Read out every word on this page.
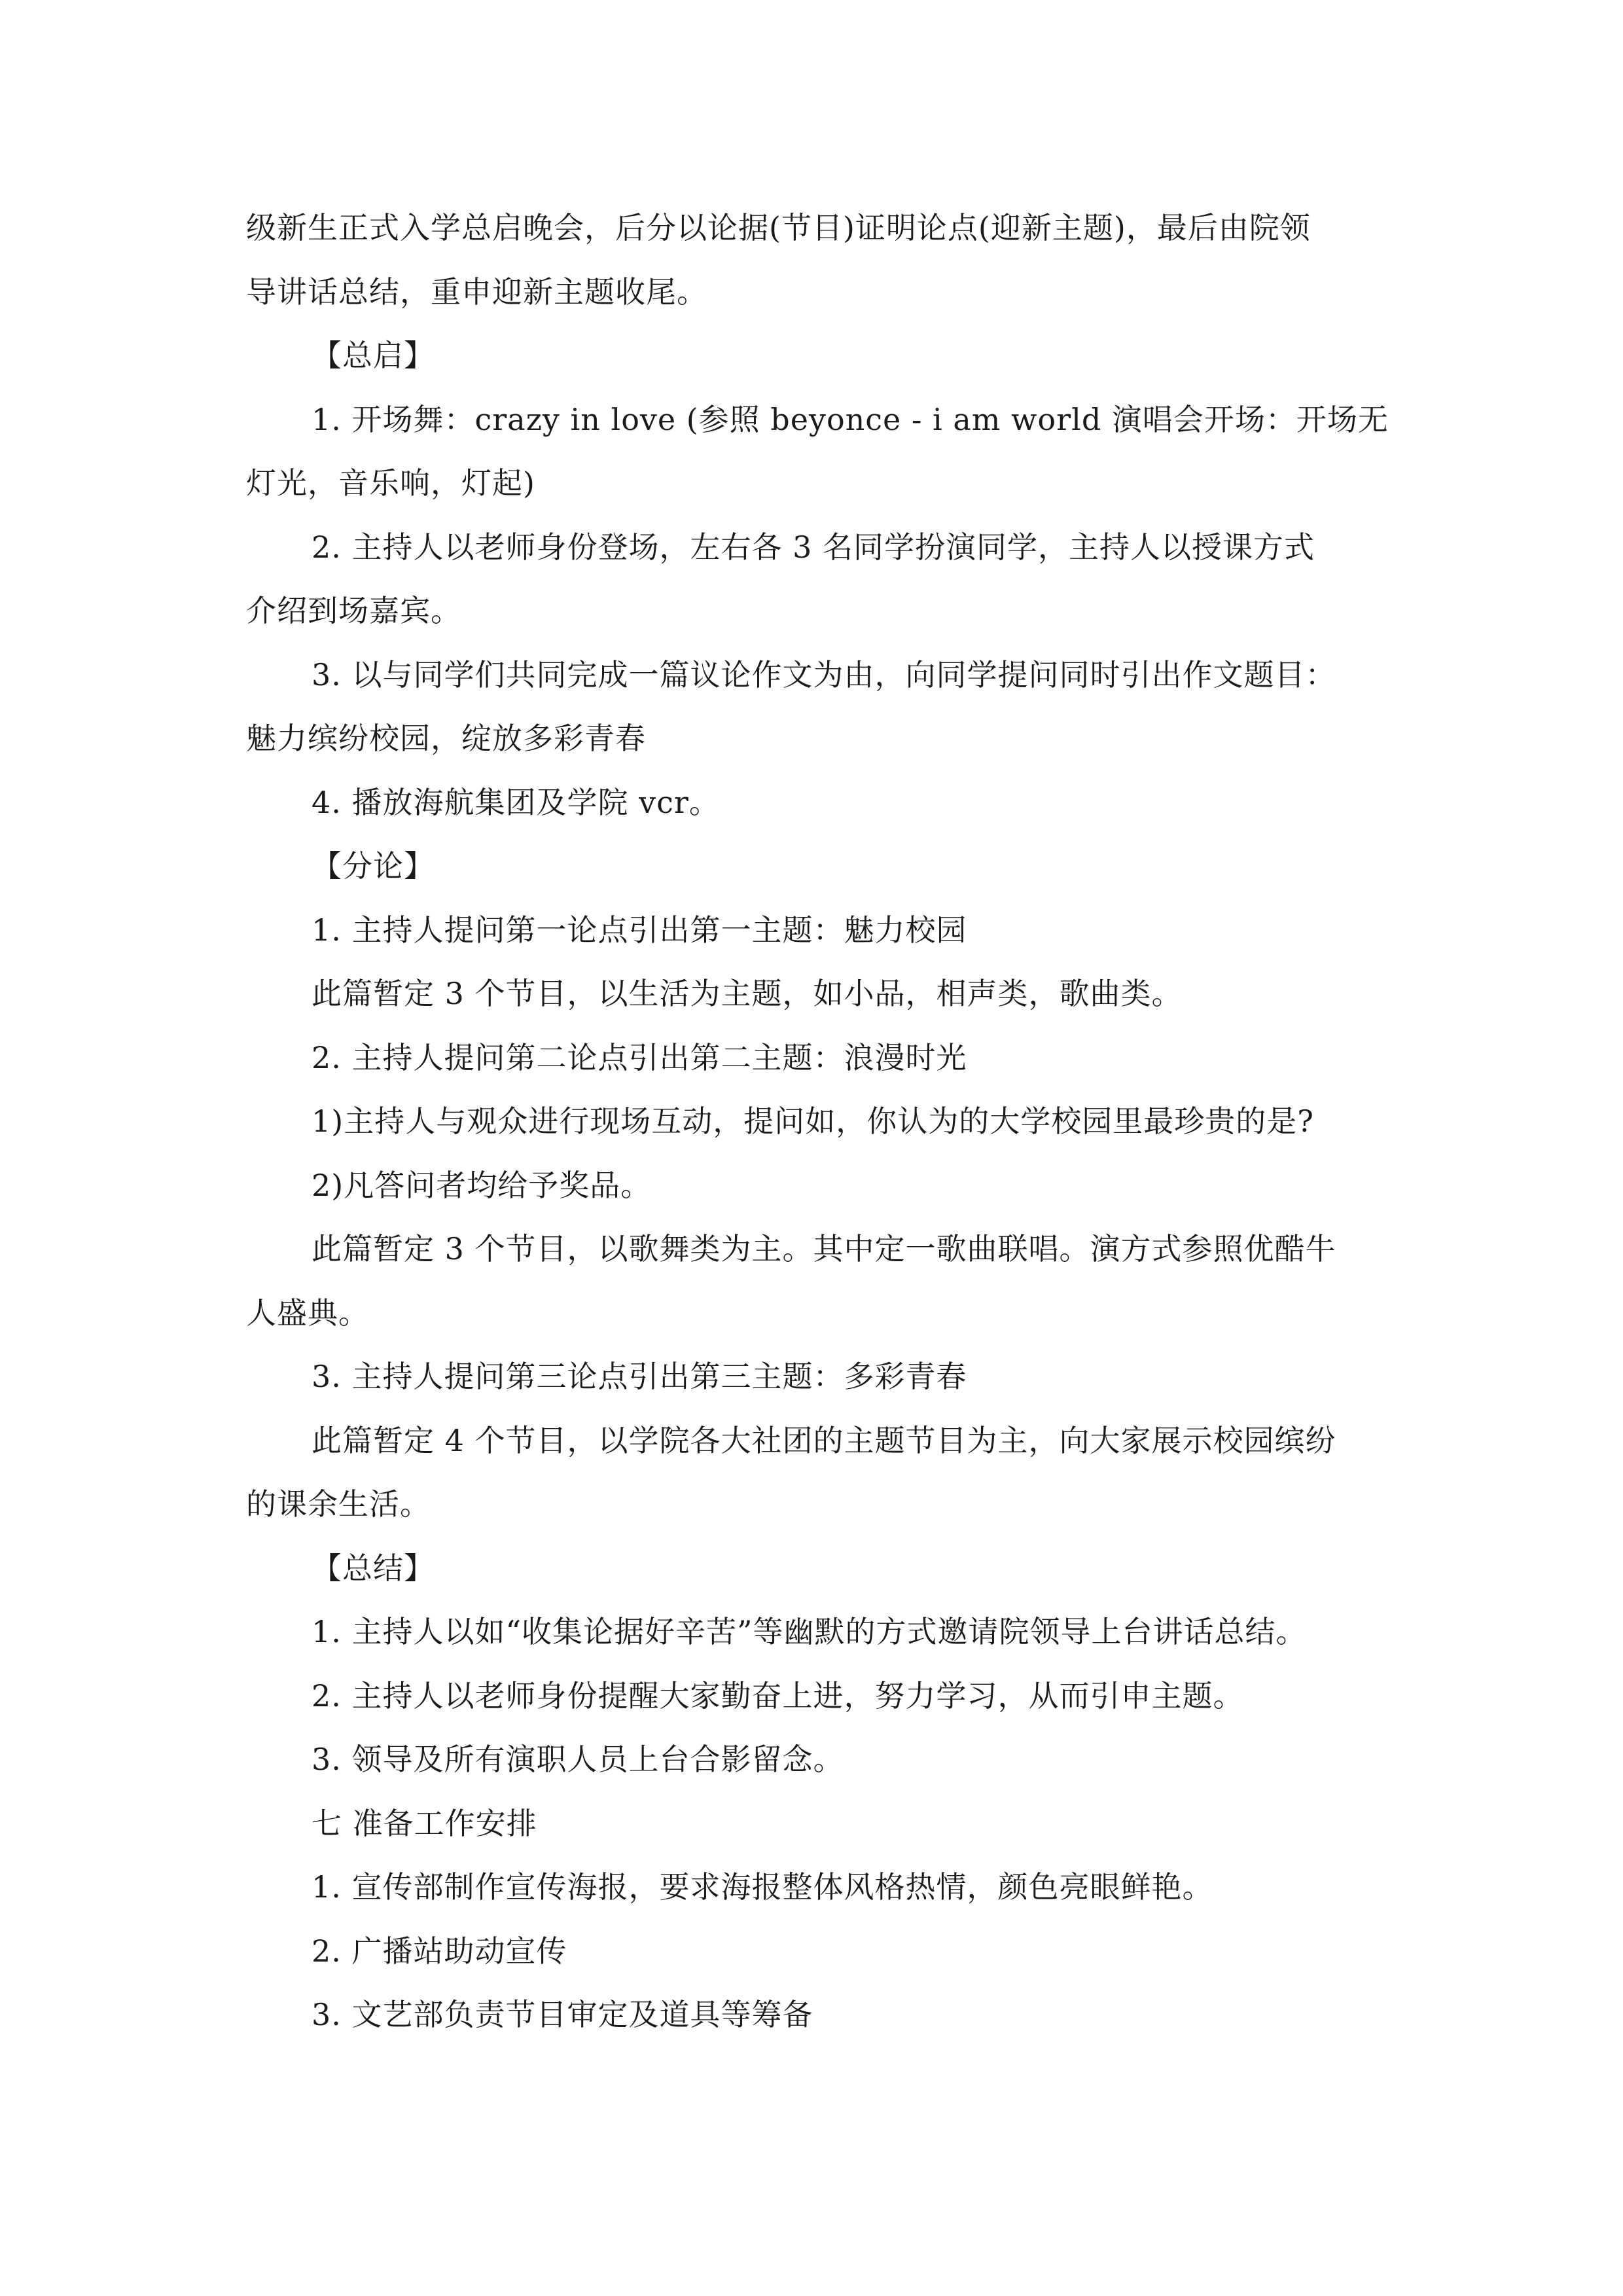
级新生正式入学总启晚会，后分以论据(节目)证明论点(迎新主题)，最后由院领
导讲话总结，重申迎新主题收尾。
【总启】
1. 开场舞：crazy in love (参照 beyonce - i am world 演唱会开场：开场无
灯光，音乐响，灯起)
2. 主持人以老师身份登场，左右各 3 名同学扮演同学，主持人以授课方式
介绍到场嘉宾。
3. 以与同学们共同完成一篇议论作文为由，向同学提问同时引出作文题目：
魅力缤纷校园，绽放多彩青春
4. 播放海航集团及学院 vcr。
【分论】
1. 主持人提问第一论点引出第一主题：魅力校园
此篇暂定 3 个节目，以生活为主题，如小品，相声类，歌曲类。
2. 主持人提问第二论点引出第二主题：浪漫时光
1)主持人与观众进行现场互动，提问如，你认为的大学校园里最珍贵的是?
2)凡答问者均给予奖品。
此篇暂定 3 个节目，以歌舞类为主。其中定一歌曲联唱。演方式参照优酷牛
人盛典。
3. 主持人提问第三论点引出第三主题：多彩青春
此篇暂定 4 个节目，以学院各大社团的主题节目为主，向大家展示校园缤纷
的课余生活。
【总结】
1. 主持人以如“收集论据好辛苦”等幽默的方式邀请院领导上台讲话总结。
2. 主持人以老师身份提醒大家勤奋上进，努力学习，从而引申主题。
3. 领导及所有演职人员上台合影留念。
七 准备工作安排
1. 宣传部制作宣传海报，要求海报整体风格热情，颜色亮眼鲜艳。
2. 广播站助动宣传
3. 文艺部负责节目审定及道具等筹备
